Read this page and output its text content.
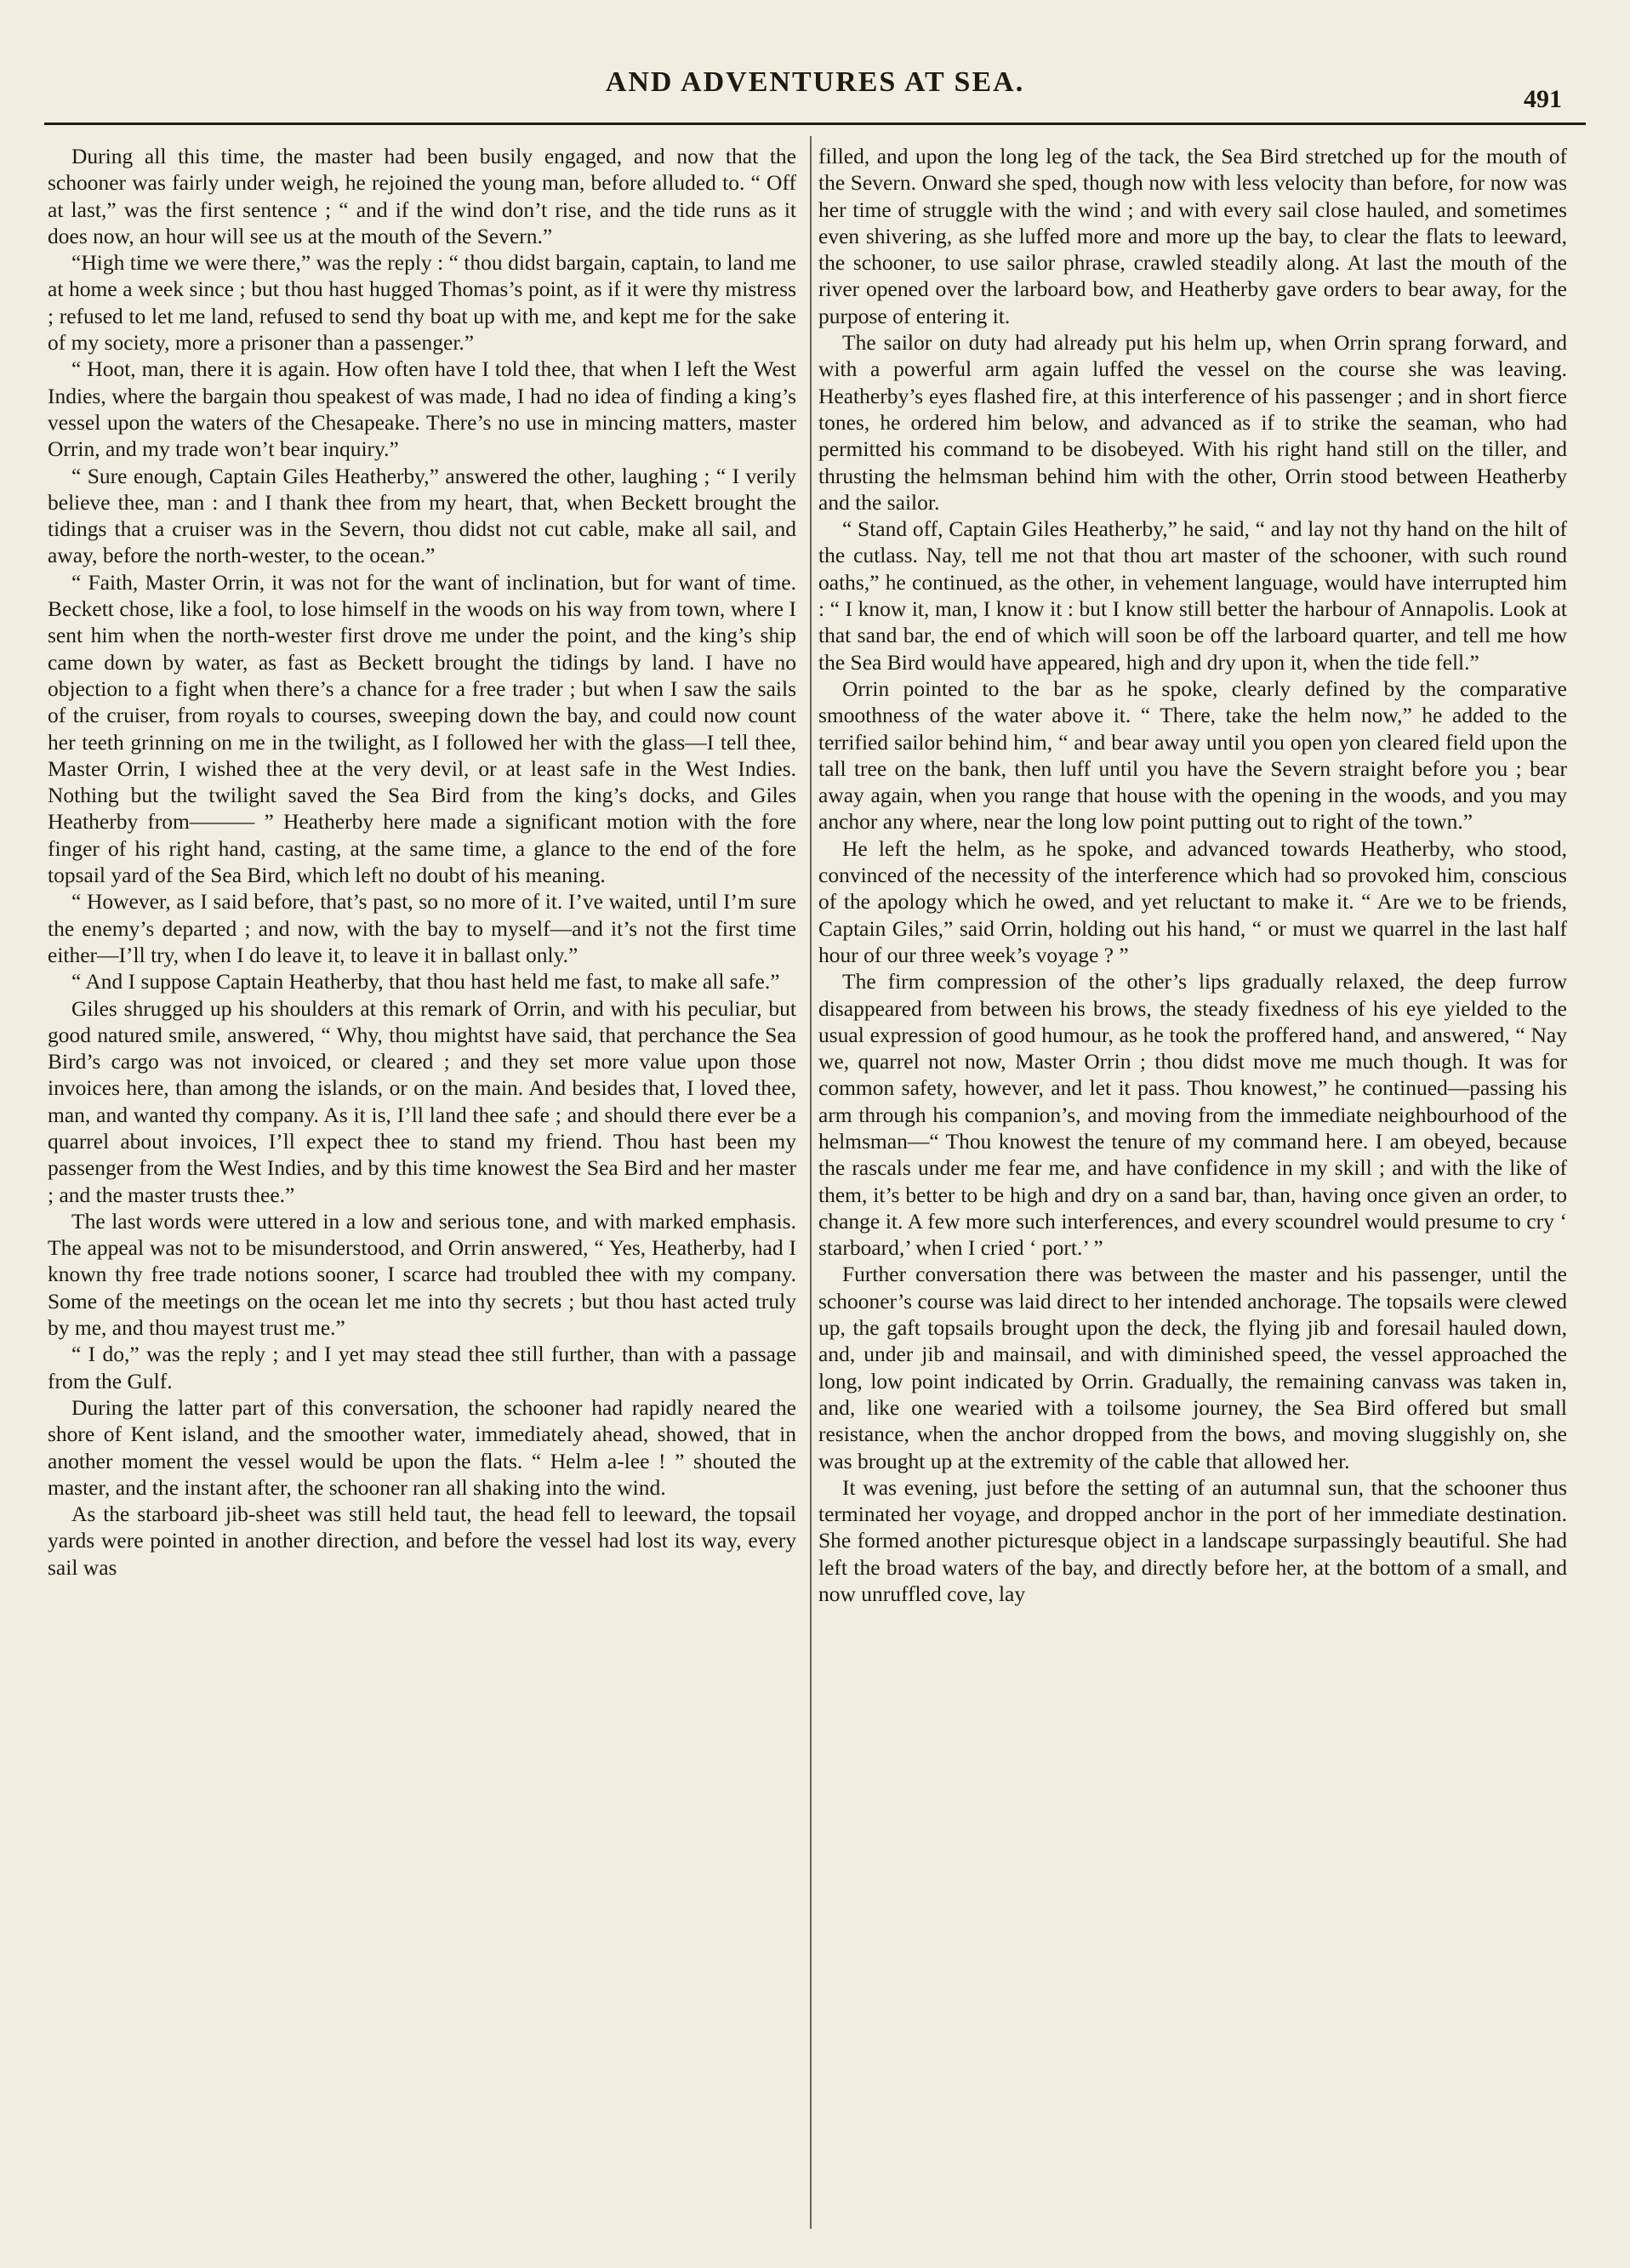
AND ADVENTURES AT SEA.
491

During all this time, the master had been busily engaged, and now that the schooner was fairly under weigh, he rejoined the young man, before alluded to. “ Off at last,” was the first sentence ; “ and if the wind don’t rise, and the tide runs as it does now, an hour will see us at the mouth of the Severn.”

“High time we were there,” was the reply : “ thou didst bargain, captain, to land me at home a week since ; but thou hast hugged Thomas’s point, as if it were thy mistress ; refused to let me land, refused to send thy boat up with me, and kept me for the sake of my society, more a prisoner than a passenger.”

“ Hoot, man, there it is again. How often have I told thee, that when I left the West Indies, where the bargain thou speakest of was made, I had no idea of finding a king’s vessel upon the waters of the Chesapeake. There’s no use in mincing matters, master Orrin, and my trade won’t bear inquiry.”

“ Sure enough, Captain Giles Heatherby,” answered the other, laughing ; “ I verily believe thee, man : and I thank thee from my heart, that, when Beckett brought the tidings that a cruiser was in the Severn, thou didst not cut cable, make all sail, and away, before the north-wester, to the ocean.”

“ Faith, Master Orrin, it was not for the want of inclination, but for want of time. Beckett chose, like a fool, to lose himself in the woods on his way from town, where I sent him when the north-wester first drove me under the point, and the king’s ship came down by water, as fast as Beckett brought the tidings by land. I have no objection to a fight when there’s a chance for a free trader ; but when I saw the sails of the cruiser, from royals to courses, sweeping down the bay, and could now count her teeth grinning on me in the twilight, as I followed her with the glass—I tell thee, Master Orrin, I wished thee at the very devil, or at least safe in the West Indies. Nothing but the twilight saved the Sea Bird from the king’s docks, and Giles Heatherby from——— ” Heatherby here made a significant motion with the fore finger of his right hand, casting, at the same time, a glance to the end of the fore topsail yard of the Sea Bird, which left no doubt of his meaning.

“ However, as I said before, that’s past, so no more of it. I’ve waited, until I’m sure the enemy’s departed ; and now, with the bay to myself—and it’s not the first time either—I’ll try, when I do leave it, to leave it in ballast only.”

“ And I suppose Captain Heatherby, that thou hast held me fast, to make all safe.”

Giles shrugged up his shoulders at this remark of Orrin, and with his peculiar, but good natured smile, answered, “ Why, thou mightst have said, that perchance the Sea Bird’s cargo was not invoiced, or cleared ; and they set more value upon those invoices here, than among the islands, or on the main. And besides that, I loved thee, man, and wanted thy company. As it is, I’ll land thee safe ; and should there ever be a quarrel about invoices, I’ll expect thee to stand my friend. Thou hast been my passenger from the West Indies, and by this time knowest the Sea Bird and her master ; and the master trusts thee.”

The last words were uttered in a low and serious tone, and with marked emphasis. The appeal was not to be misunderstood, and Orrin answered, “ Yes, Heatherby, had I known thy free trade notions sooner, I scarce had troubled thee with my company. Some of the meetings on the ocean let me into thy secrets ; but thou hast acted truly by me, and thou mayest trust me.”

“ I do,” was the reply ; and I yet may stead thee still further, than with a passage from the Gulf.

During the latter part of this conversation, the schooner had rapidly neared the shore of Kent island, and the smoother water, immediately ahead, showed, that in another moment the vessel would be upon the flats. “ Helm a-lee ! ” shouted the master, and the instant after, the schooner ran all shaking into the wind.

As the starboard jib-sheet was still held taut, the head fell to leeward, the topsail yards were pointed in another direction, and before the vessel had lost its way, every sail was

filled, and upon the long leg of the tack, the Sea Bird stretched up for the mouth of the Severn. Onward she sped, though now with less velocity than before, for now was her time of struggle with the wind ; and with every sail close hauled, and sometimes even shivering, as she luffed more and more up the bay, to clear the flats to leeward, the schooner, to use sailor phrase, crawled steadily along. At last the mouth of the river opened over the larboard bow, and Heatherby gave orders to bear away, for the purpose of entering it.

The sailor on duty had already put his helm up, when Orrin sprang forward, and with a powerful arm again luffed the vessel on the course she was leaving. Heatherby’s eyes flashed fire, at this interference of his passenger ; and in short fierce tones, he ordered him below, and advanced as if to strike the seaman, who had permitted his command to be disobeyed. With his right hand still on the tiller, and thrusting the helmsman behind him with the other, Orrin stood between Heatherby and the sailor.

“ Stand off, Captain Giles Heatherby,” he said, “ and lay not thy hand on the hilt of the cutlass. Nay, tell me not that thou art master of the schooner, with such round oaths,” he continued, as the other, in vehement language, would have interrupted him : “ I know it, man, I know it : but I know still better the harbour of Annapolis. Look at that sand bar, the end of which will soon be off the larboard quarter, and tell me how the Sea Bird would have appeared, high and dry upon it, when the tide fell.”

Orrin pointed to the bar as he spoke, clearly defined by the comparative smoothness of the water above it. “ There, take the helm now,” he added to the terrified sailor behind him, “ and bear away until you open yon cleared field upon the tall tree on the bank, then luff until you have the Severn straight before you ; bear away again, when you range that house with the opening in the woods, and you may anchor any where, near the long low point putting out to right of the town.”

He left the helm, as he spoke, and advanced towards Heatherby, who stood, convinced of the necessity of the interference which had so provoked him, conscious of the apology which he owed, and yet reluctant to make it. “ Are we to be friends, Captain Giles,” said Orrin, holding out his hand, “ or must we quarrel in the last half hour of our three week’s voyage ? ”

The firm compression of the other’s lips gradually relaxed, the deep furrow disappeared from between his brows, the steady fixedness of his eye yielded to the usual expression of good humour, as he took the proffered hand, and answered, “ Nay we, quarrel not now, Master Orrin ; thou didst move me much though. It was for common safety, however, and let it pass. Thou knowest,” he continued—passing his arm through his companion’s, and moving from the immediate neighbourhood of the helmsman—“ Thou knowest the tenure of my command here. I am obeyed, because the rascals under me fear me, and have confidence in my skill ; and with the like of them, it’s better to be high and dry on a sand bar, than, having once given an order, to change it. A few more such interferences, and every scoundrel would presume to cry ‘ starboard,’ when I cried ‘ port.’ ”

Further conversation there was between the master and his passenger, until the schooner’s course was laid direct to her intended anchorage. The topsails were clewed up, the gaft topsails brought upon the deck, the flying jib and foresail hauled down, and, under jib and mainsail, and with diminished speed, the vessel approached the long, low point indicated by Orrin. Gradually, the remaining canvass was taken in, and, like one wearied with a toilsome journey, the Sea Bird offered but small resistance, when the anchor dropped from the bows, and moving sluggishly on, she was brought up at the extremity of the cable that allowed her.

It was evening, just before the setting of an autumnal sun, that the schooner thus terminated her voyage, and dropped anchor in the port of her immediate destination. She formed another picturesque object in a landscape surpassingly beautiful. She had left the broad waters of the bay, and directly before her, at the bottom of a small, and now unruffled cove, lay
